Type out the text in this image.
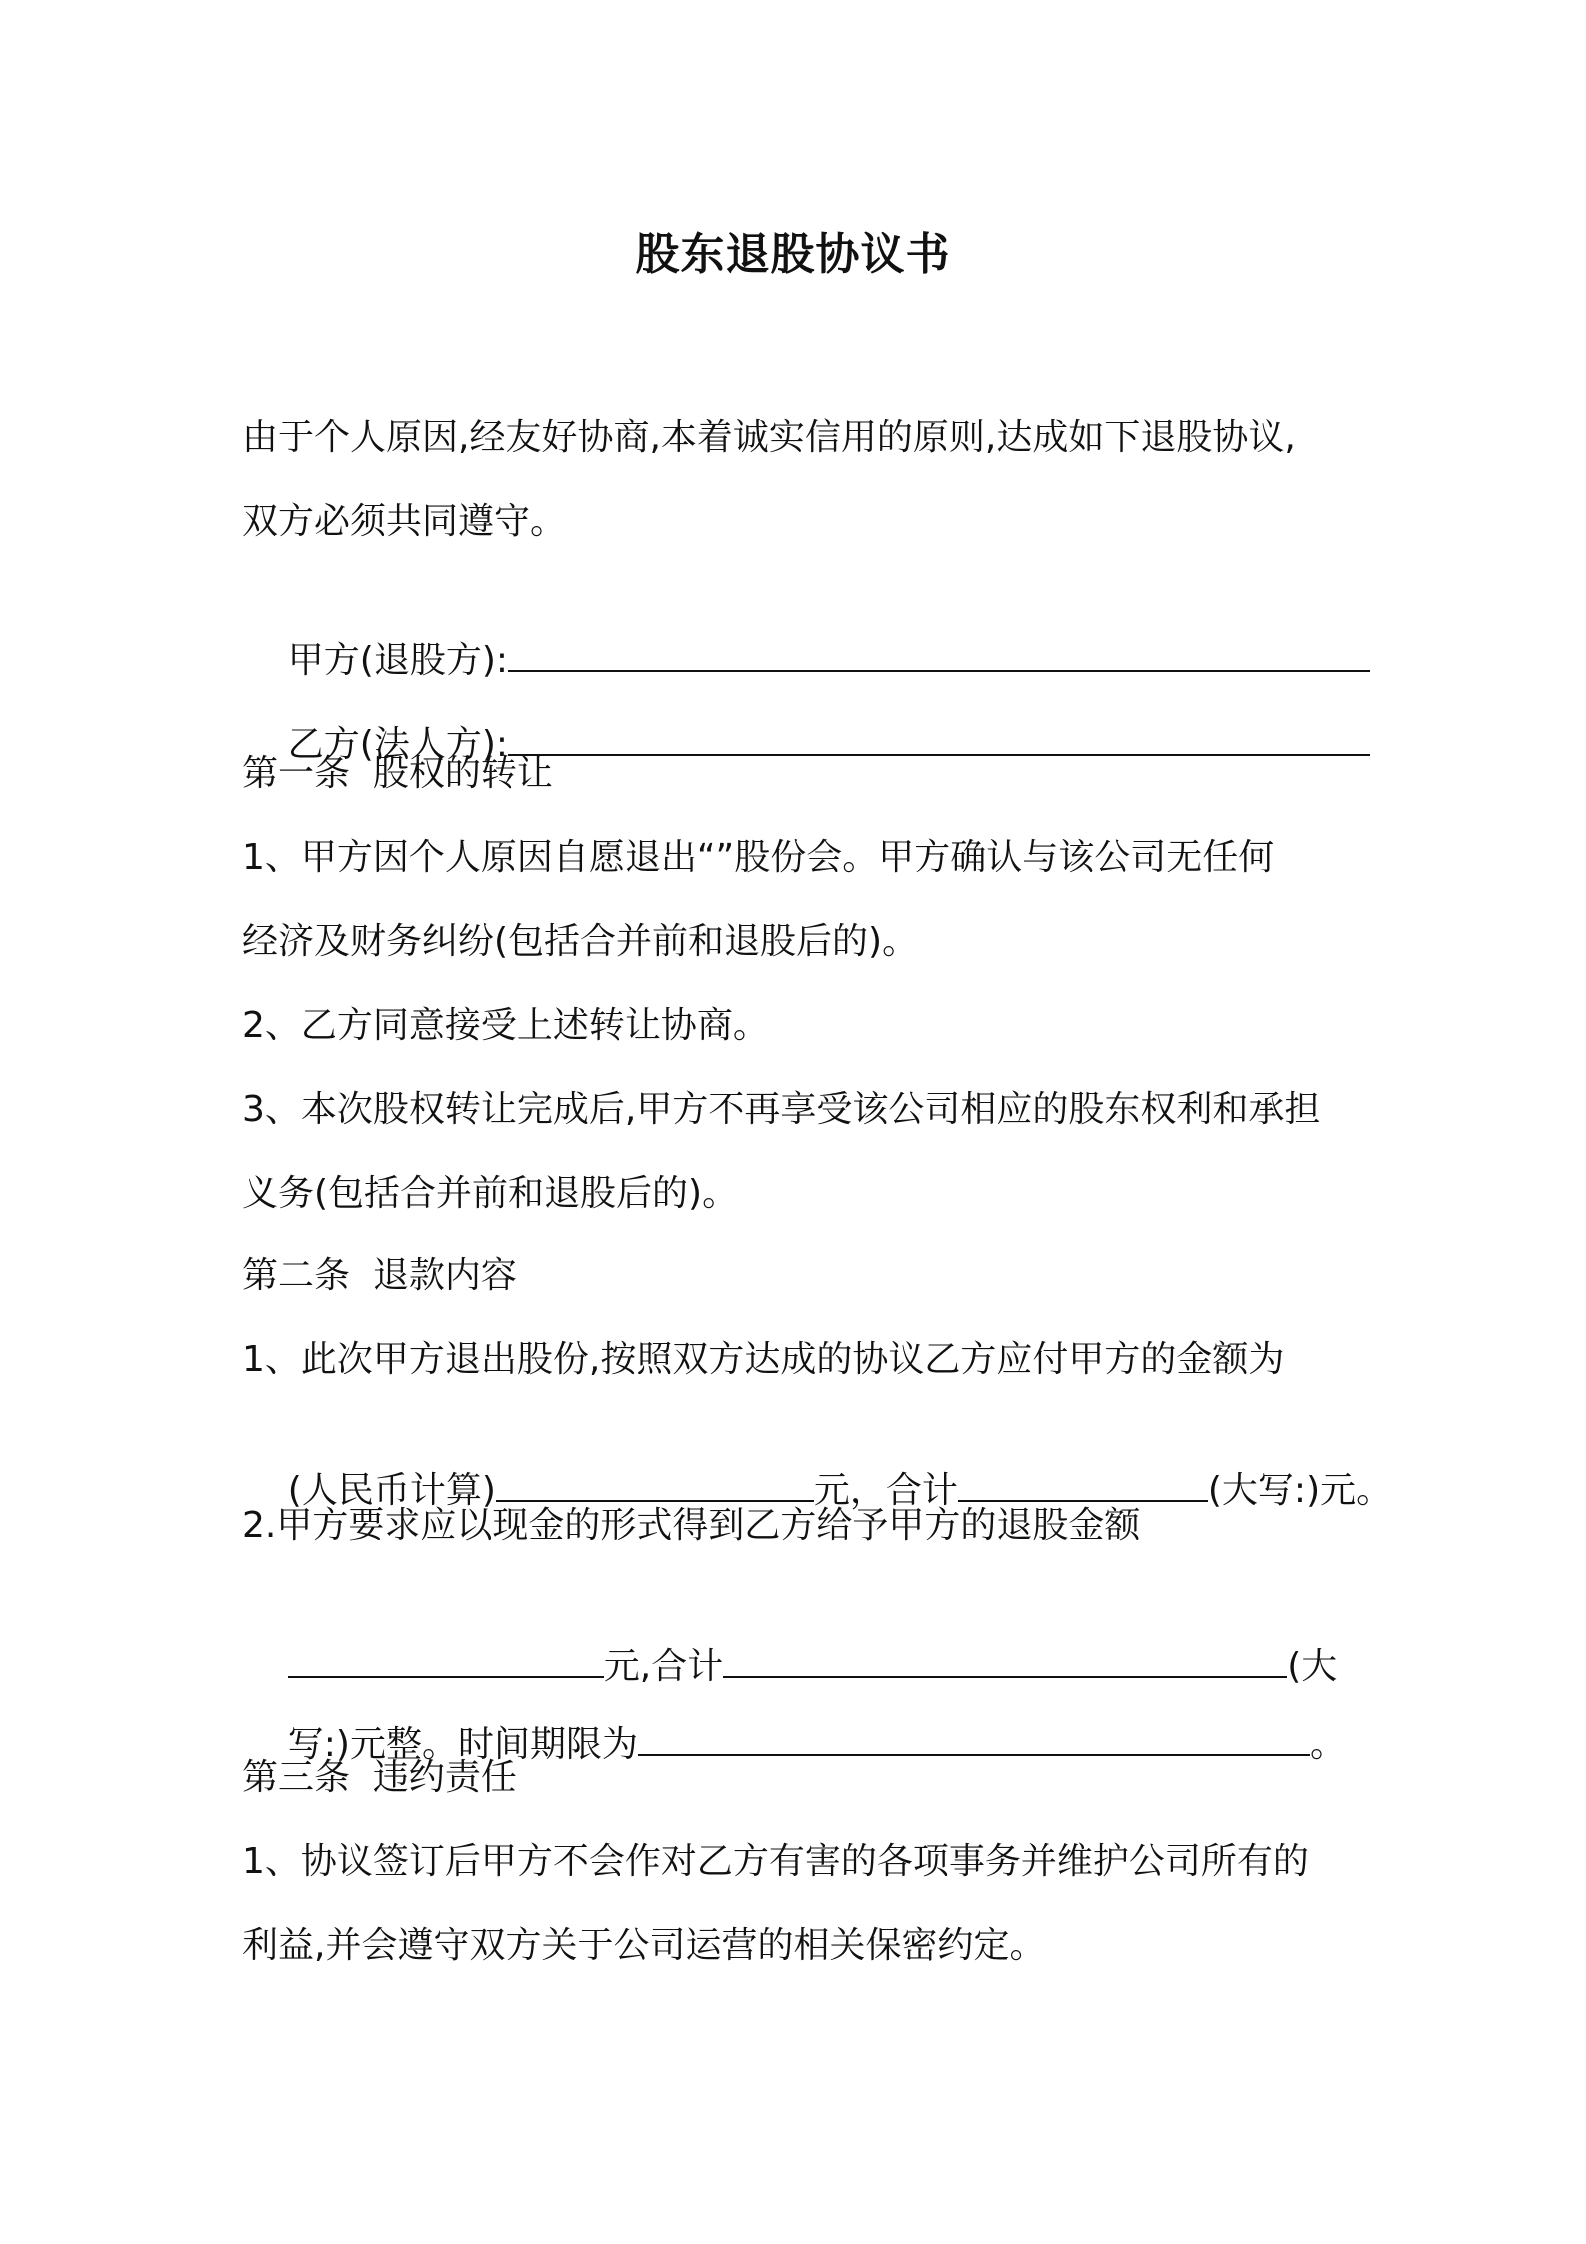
股东退股协议书
由于个人原因,经友好协商,本着诚实信用的原则,达成如下退股协议,
双方必须共同遵守。

甲方(退股方):

乙方(法人方):

第一条  股权的转让
1、甲方因个人原因自愿退出“”股份会。甲方确认与该公司无任何
经济及财务纠纷(包括合并前和退股后的)。
2、乙方同意接受上述转让协商。
3、本次股权转让完成后,甲方不再享受该公司相应的股东权利和承担
义务(包括合并前和退股后的)。
第二条  退款内容
1、此次甲方退出股份,按照双方达成的协议乙方应付甲方的金额为

(人民币计算)	元，合计	(大写:)元。

2.甲方要求应以现金的形式得到乙方给予甲方的退股金额

元,合计	(大

写:)元整。时间期限为	。

第三条  违约责任
1、协议签订后甲方不会作对乙方有害的各项事务并维护公司所有的
利益,并会遵守双方关于公司运营的相关保密约定。
